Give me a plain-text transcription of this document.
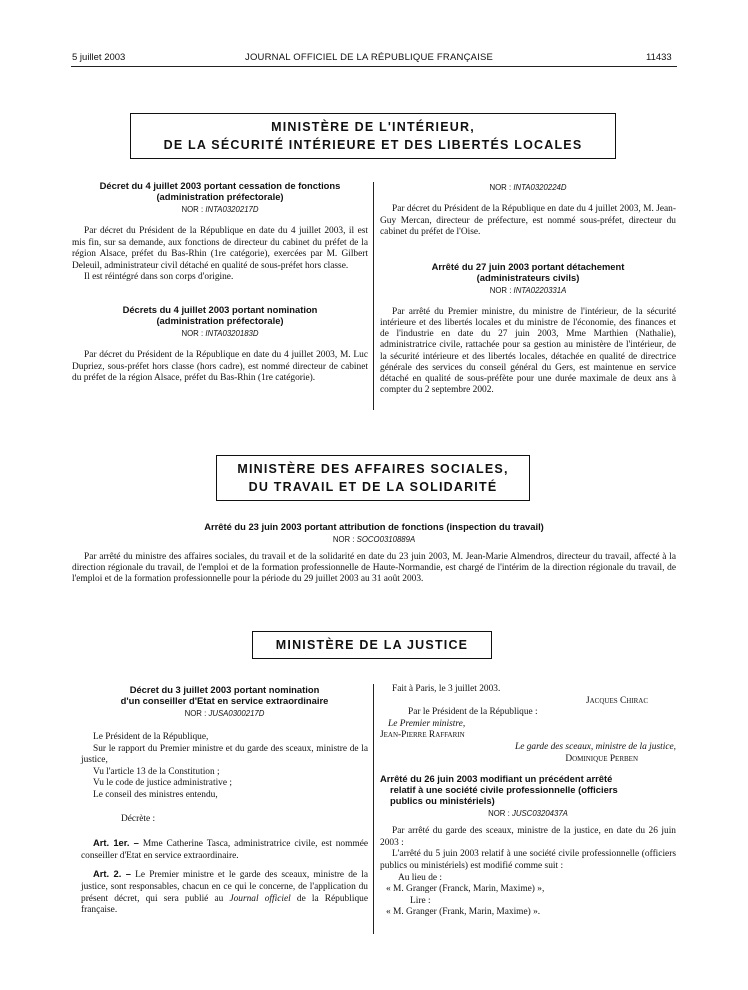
5 juillet 2003	JOURNAL OFFICIEL DE LA RÉPUBLIQUE FRANÇAISE	11433
MINISTÈRE DE L'INTÉRIEUR,
DE LA SÉCURITÉ INTÉRIEURE ET DES LIBERTÉS LOCALES
Décret du 4 juillet 2003 portant cessation de fonctions
(administration préfectorale)
NOR : INTA0320217D
Par décret du Président de la République en date du 4 juillet 2003, il est mis fin, sur sa demande, aux fonctions de directeur du cabinet du préfet de la région Alsace, préfet du Bas-Rhin (1re catégorie), exercées par M. Gilbert Deleuil, administrateur civil détaché en qualité de sous-préfet hors classe.
Il est réintégré dans son corps d'origine.
Décrets du 4 juillet 2003 portant nomination
(administration préfectorale)
NOR : INTA0320183D
Par décret du Président de la République en date du 4 juillet 2003, M. Luc Dupriez, sous-préfet hors classe (hors cadre), est nommé directeur de cabinet du préfet de la région Alsace, préfet du Bas-Rhin (1re catégorie).
NOR : INTA0320224D
Par décret du Président de la République en date du 4 juillet 2003, M. Jean-Guy Mercan, directeur de préfecture, est nommé sous-préfet, directeur du cabinet du préfet de l'Oise.
Arrêté du 27 juin 2003 portant détachement
(administrateurs civils)
NOR : INTA0220331A
Par arrêté du Premier ministre, du ministre de l'intérieur, de la sécurité intérieure et des libertés locales et du ministre de l'économie, des finances et de l'industrie en date du 27 juin 2003, Mme Marthien (Nathalie), administratrice civile, rattachée pour sa gestion au ministère de l'intérieur, de la sécurité intérieure et des libertés locales, détachée en qualité de directrice générale des services du conseil général du Gers, est maintenue en service détaché en qualité de sous-préfète pour une durée maximale de deux ans à compter du 2 septembre 2002.
MINISTÈRE DES AFFAIRES SOCIALES,
DU TRAVAIL ET DE LA SOLIDARITÉ
Arrêté du 23 juin 2003 portant attribution de fonctions (inspection du travail)
NOR : SOCO0310889A
Par arrêté du ministre des affaires sociales, du travail et de la solidarité en date du 23 juin 2003, M. Jean-Marie Almendros, directeur du travail, affecté à la direction régionale du travail, de l'emploi et de la formation professionnelle de Haute-Normandie, est chargé de l'intérim de la direction régionale du travail, de l'emploi et de la formation professionnelle pour la période du 29 juillet 2003 au 31 août 2003.
MINISTÈRE DE LA JUSTICE
Décret du 3 juillet 2003 portant nomination
d'un conseiller d'Etat en service extraordinaire
NOR : JUSA0300217D
Le Président de la République,
Sur le rapport du Premier ministre et du garde des sceaux, ministre de la justice,
Vu l'article 13 de la Constitution ;
Vu le code de justice administrative ;
Le conseil des ministres entendu,
Décrète :
Art. 1er. – Mme Catherine Tasca, administratrice civile, est nommée conseiller d'Etat en service extraordinaire.
Art. 2. – Le Premier ministre et le garde des sceaux, ministre de la justice, sont responsables, chacun en ce qui le concerne, de l'application du présent décret, qui sera publié au Journal officiel de la République française.
Fait à Paris, le 3 juillet 2003.
Jacques Chirac
Par le Président de la République :
Le Premier ministre,
Jean-Pierre Raffarin
Le garde des sceaux, ministre de la justice,
Dominique Perben
Arrêté du 26 juin 2003 modifiant un précédent arrêté
relatif à une société civile professionnelle (officiers
publics ou ministériels)
NOR : JUSC0320437A
Par arrêté du garde des sceaux, ministre de la justice, en date du 26 juin 2003 :
L'arrêté du 5 juin 2003 relatif à une société civile professionnelle (officiers publics ou ministériels) est modifié comme suit :
Au lieu de :
« M. Granger (Franck, Marin, Maxime) »,
Lire :
« M. Granger (Frank, Marin, Maxime) ».
